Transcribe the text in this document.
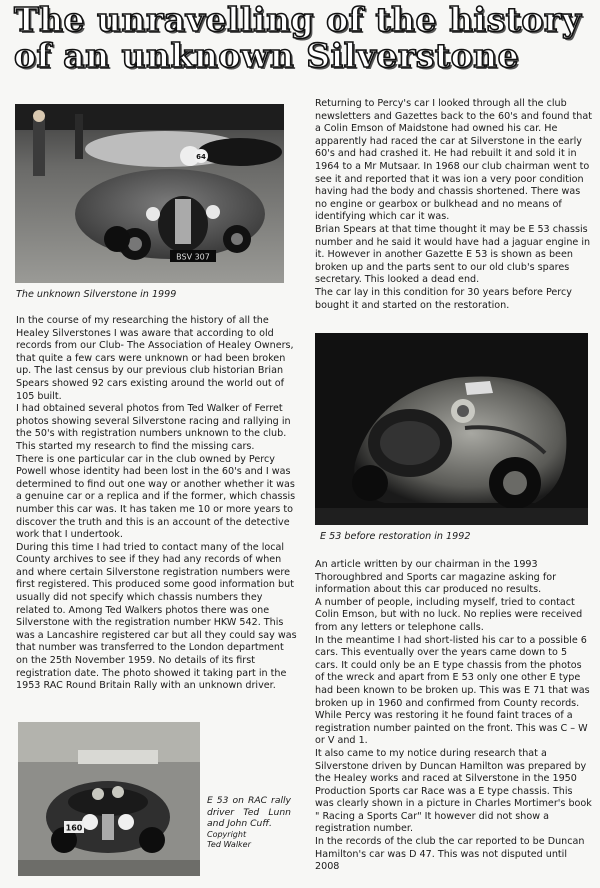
The unravelling of the history of an unknown Silverstone
BSV 307
64
The unknown Silverstone in 1999

In the course of my researching the history of all the Healey Silverstones I was aware that according to old records from our Club- The Association of Healey Owners, that quite a few cars were unknown or had been broken up. The last census by our previous club historian Brian Spears showed 92 cars existing around the world out of 105 built.

I had obtained several photos from Ted Walker of Ferret photos showing several Silverstone racing and rallying in the 50's with registration numbers unknown to the club. This started my research to find the missing cars.

There is one particular car in the club owned by Percy Powell whose identity had been lost in the 60's and I was determined to find out one way or another whether it was a genuine car or a replica and if the former, which chassis number this car was. It has taken me 10 or more years to discover the truth and this is an account of the detective work that I undertook.

During this time I had tried to contact many of the local County archives to see if they had any records of when and where certain Silverstone registration numbers were first registered. This produced some good information but usually did not specify which chassis numbers they related to. Among Ted Walkers photos there was one Silverstone with the registration number HKW 542. This was a Lancashire registered car but all they could say was that number was transferred to the London department on the 25th November 1959. No details of its first registration date. The photo showed it taking part in the 1953 RAC Round Britain Rally with an unknown driver.

160
E 53 on RAC rally driver Ted Lunn and John Cuff.
Copyright
Ted Walker

Returning to Percy's car I looked through all the club newsletters and Gazettes back to the 60's and found that a Colin Emson of Maidstone had owned his car. He apparently had raced the car at Silverstone in the early 60's and had crashed it. He had rebuilt it and sold it in 1964 to a Mr Mutsaar. In 1968 our club chairman went to see it and reported that it was ion a very poor condition having had the body and chassis shortened. There was no engine or gearbox or bulkhead and no means of identifying which car it was.

Brian Spears at that time thought it may be E 53 chassis number and he said it would have had a jaguar engine in it. However in another Gazette E 53 is shown as been broken up and the parts sent to our old club's spares secretary. This looked a dead end.

The car lay in this condition for 30 years before Percy bought it and started on the restoration.

E 53 before restoration in 1992

An article written by our chairman in the 1993 Thoroughbred and Sports car magazine asking for information about this car produced no results.

A number of people, including myself, tried to contact Colin Emson, but with no luck. No replies were received from any letters or telephone calls.

In the meantime I had short-listed his car to a possible 6 cars. This eventually over the years came down to 5 cars. It could only be an E type chassis from the photos of the wreck and apart from E 53 only one other E type had been known to be broken up. This was E 71 that was broken up in 1960 and confirmed from County records.

While Percy was restoring it he found faint traces of a registration number painted on the front. This was C – W or V and 1.

It also came to my notice during research that a Silverstone driven by Duncan Hamilton was prepared by the Healey works and raced at Silverstone in the 1950 Production Sports car Race was a E type chassis. This was clearly shown in a picture in Charles Mortimer's book " Racing a Sports Car" It however did not show a registration number.

In the records of the club the car reported to be Duncan Hamilton's car was D 47. This was not disputed until 2008
